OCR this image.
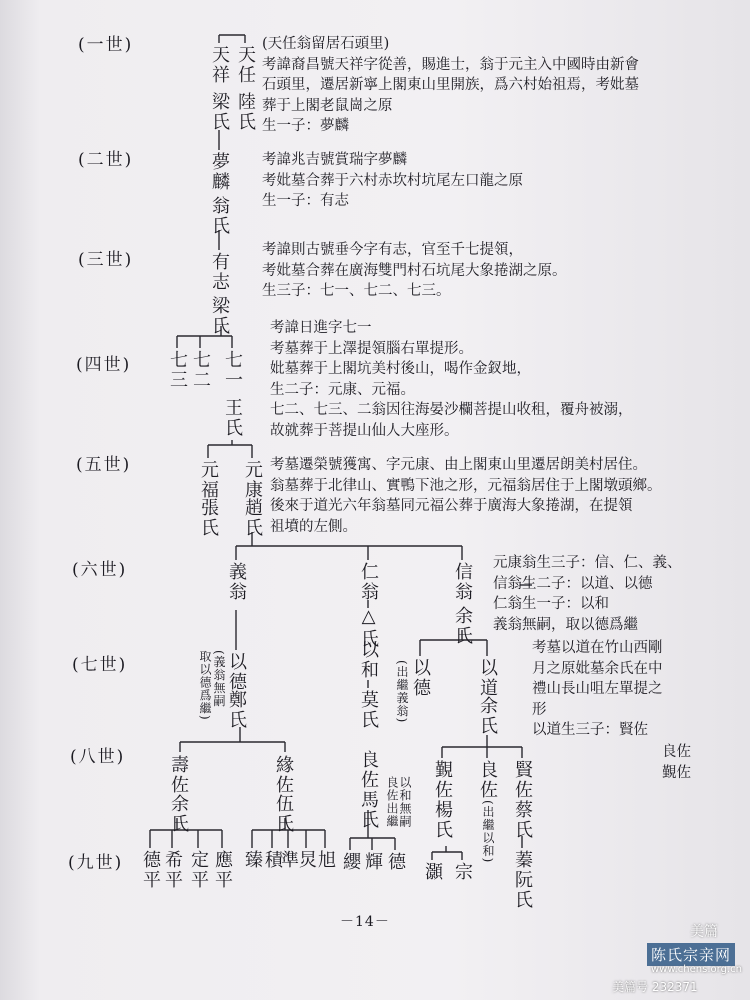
(一世)
(二世)
(三世)
(四世)
(五世)
(六世)
(七世)
(八世)
(九世)
天任
陸氏
天祥
梁氏
夢麟
翁氏
有志
梁氏
七一
七二
七三
王氏
元福
張氏
元康
趙氏
義翁	仁翁
△氏
信翁
余氏
(義翁無嗣
取以德爲繼) 以德
鄭氏
以和
莫氏
以德
(出繼義翁)	以道
余氏
壽佐
余氏
緣佐
伍氏
良佐
馬氏 以和無嗣
良佐出繼 覲佐
楊氏
良佐
(出繼以和)
賢佐
蔡氏
蓁阮氏
德平 希平 定平 應平 臻 積
準
炅
旭 纓 輝 德 灝 宗
(天任翁留居石頭里)
考諱裔昌號天祥字從善，賜進士，翁于元主入中國時由新會
石頭里，遷居新寧上閣東山里開族，爲六村始祖焉，考妣墓
葬于上閣老鼠崗之原
生一子：夢麟
考諱兆吉號賞瑞字夢麟
考妣墓合葬于六村赤坎村坑尾左口龍之原
生一子：有志
考諱則古號垂今字有志，官至千七提領，
考妣墓合葬在廣海雙門村石坑尾大象捲湖之原。
生三子：七一、七二、七三。
考諱日進字七一
考墓葬于上澤提領腦右單提形。
妣墓葬于上閣坑美村後山，喝作金釵地，
生二子：元康、元福。
七二、七三、二翁因往海晏沙欄菩提山收租，覆舟被溺，
故就葬于菩提山仙人大座形。
考墓遷榮號獲寓、字元康、由上閣東山里遷居朗美村居住。
翁墓葬于北律山、實鴨下池之形，元福翁居住于上閣墩頭鄉。
後來于道光六年翁墓同元福公葬于廣海大象捲湖，在提領
祖墳的左側。
元康翁生三子：信、仁、義、
信翁生二子：以道、以德
仁翁生一子：以和
義翁無嗣，取以德爲繼
考墓以道在竹山西剛
月之原妣墓余氏在中
禮山長山咀左單提之
形
以道生三子：賢佐
良佐
覲佐
－14－
美篇
陈氏宗亲网
www.chens.org.cn
美篇号 232371
